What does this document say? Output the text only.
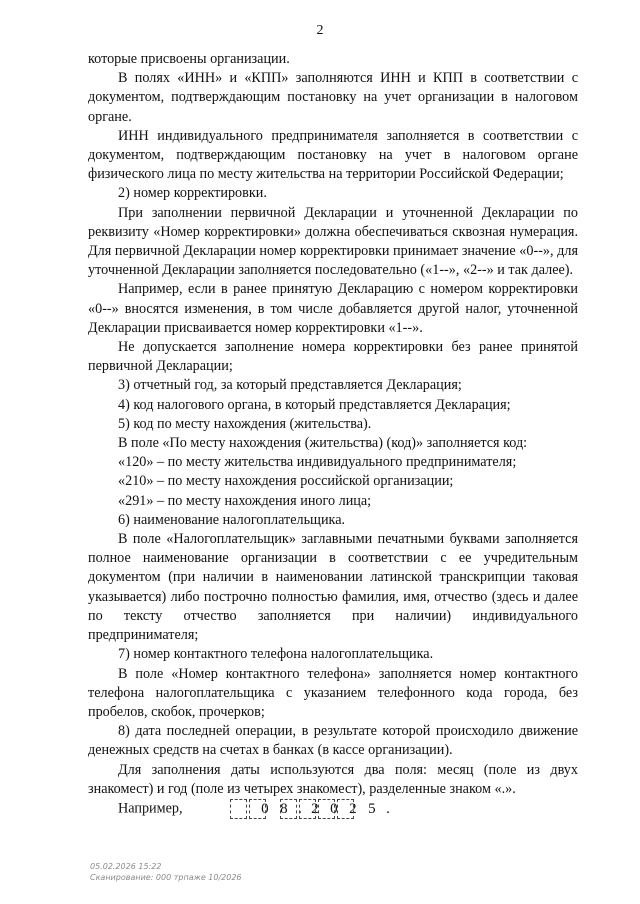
2

которые присвоены организации.

В полях «ИНН» и «КПП» заполняются ИНН и КПП в соответствии с документом, подтверждающим постановку на учет организации в налоговом органе.

ИНН индивидуального предпринимателя заполняется в соответствии с документом, подтверждающим постановку на учет в налоговом органе физического лица по месту жительства на территории Российской Федерации;

2) номер корректировки.

При заполнении первичной Декларации и уточненной Декларации по реквизиту «Номер корректировки» должна обеспечиваться сквозная нумерация. Для первичной Декларации номер корректировки принимает значение «0--», для уточненной Декларации заполняется последовательно («1--», «2--» и так далее).

Например, если в ранее принятую Декларацию с номером корректировки «0--» вносятся изменения, в том числе добавляется другой налог, уточненной Декларации присваивается номер корректировки «1--».

Не допускается заполнение номера корректировки без ранее принятой первичной Декларации;

3) отчетный год, за который представляется Декларация;

4) код налогового органа, в который представляется Декларация;

5) код по месту нахождения (жительства).

В поле «По месту нахождения (жительства) (код)» заполняется код:

«120» – по месту жительства индивидуального предпринимателя;

«210» – по месту нахождения российской организации;

«291» – по месту нахождения иного лица;

6) наименование налогоплательщика.

В поле «Налогоплательщик» заглавными печатными буквами заполняется полное наименование организации в соответствии с ее учредительным документом (при наличии в наименовании латинской транскрипции таковая указывается) либо построчно полностью фамилия, имя, отчество (здесь и далее по тексту отчество заполняется при наличии) индивидуального предпринимателя;

7) номер контактного телефона налогоплательщика.

В поле «Номер контактного телефона» заполняется номер контактного телефона налогоплательщика с указанием телефонного кода города, без пробелов, скобок, прочерков;

8) дата последней операции, в результате которой происходило движение денежных средств на счетах в банках (в кассе организации).

Для заполнения даты используются два поля: месяц (поле из двух знакомест) и год (поле из четырех знакомест), разделенные знаком «.».

Например,	0 8 . 2 0 2 5 .

05.02.2026 15:22
Сканирование: 000 трпаже 10/2026
